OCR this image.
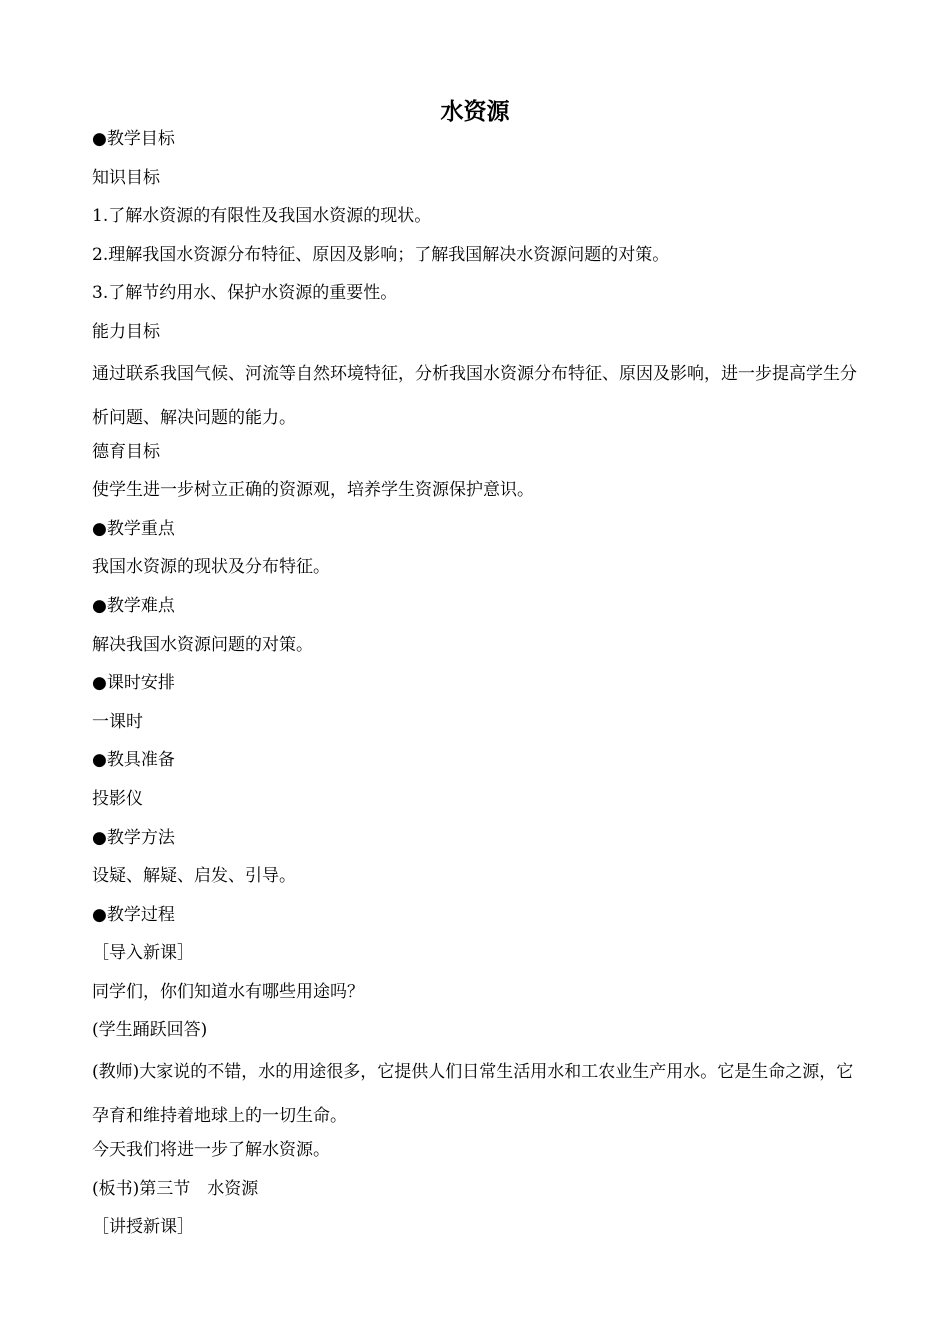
水资源
●教学目标
知识目标
1.了解水资源的有限性及我国水资源的现状。
2.理解我国水资源分布特征、原因及影响；了解我国解决水资源问题的对策。
3.了解节约用水、保护水资源的重要性。
能力目标
通过联系我国气候、河流等自然环境特征，分析我国水资源分布特征、原因及影响，进一步提高学生分析问题、解决问题的能力。
德育目标
使学生进一步树立正确的资源观，培养学生资源保护意识。
●教学重点
我国水资源的现状及分布特征。
●教学难点
解决我国水资源问题的对策。
●课时安排
一课时
●教具准备
投影仪
●教学方法
设疑、解疑、启发、引导。
●教学过程
［导入新课］
同学们，你们知道水有哪些用途吗？
(学生踊跃回答)
(教师)大家说的不错，水的用途很多，它提供人们日常生活用水和工农业生产用水。它是生命之源，它孕育和维持着地球上的一切生命。
今天我们将进一步了解水资源。
(板书)第三节　水资源
［讲授新课］
